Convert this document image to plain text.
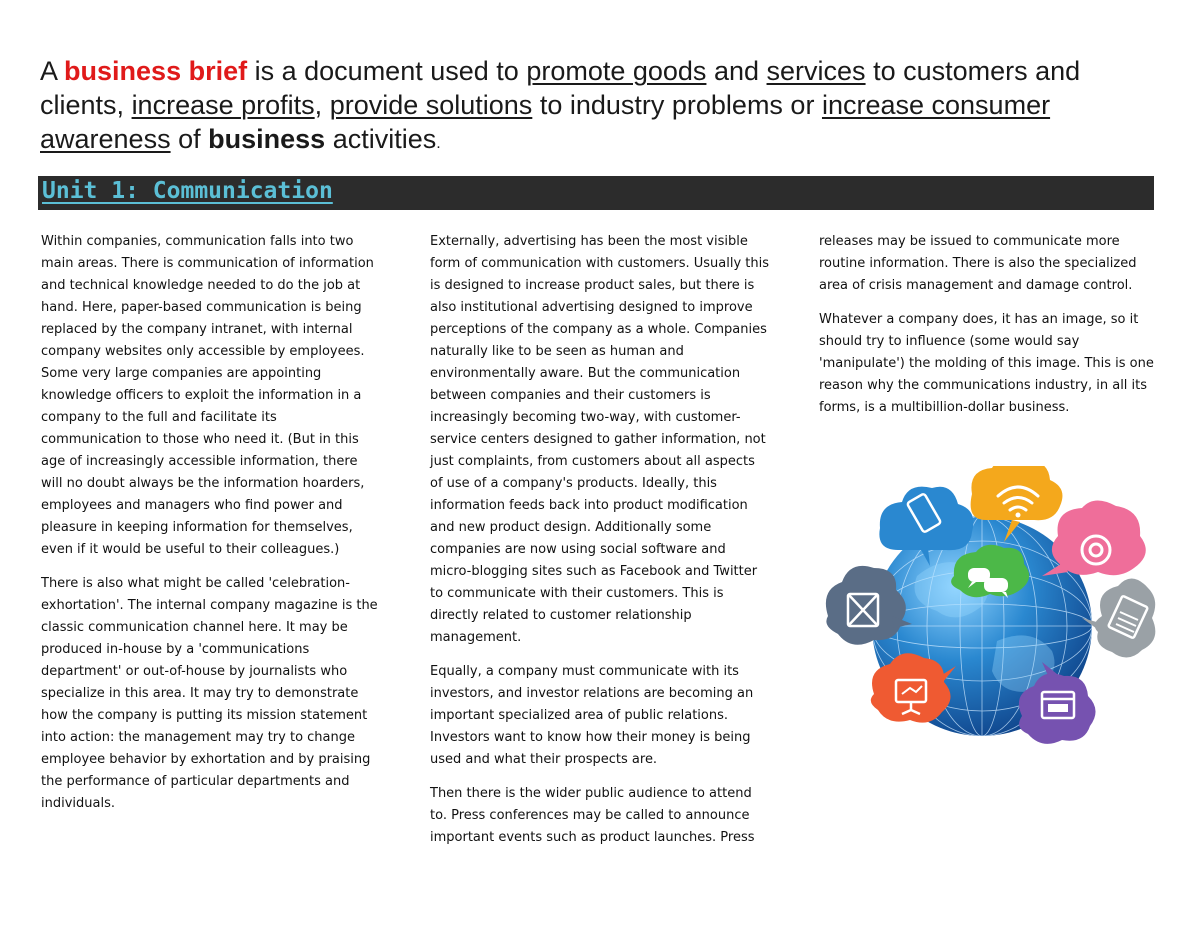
A business brief is a document used to promote goods and services to customers and clients, increase profits, provide solutions to industry problems or increase consumer awareness of business activities.
Unit 1: Communication

Within companies, communication falls into two main areas. There is communication of information and technical knowledge needed to do the job at hand. Here, paper-based communication is being replaced by the company intranet, with internal company websites only accessible by employees. Some very large companies are appointing knowledge officers to exploit the information in a company to the full and facilitate its communication to those who need it. (But in this age of increasingly accessible information, there will no doubt always be the information hoarders, employees and managers who find power and pleasure in keeping information for themselves, even if it would be useful to their colleagues.)

There is also what might be called 'celebration-exhortation'. The internal company magazine is the classic communication channel here. It may be produced in-house by a 'communications department' or out-of-house by journalists who specialize in this area. It may try to demonstrate how the company is putting its mission statement into action: the management may try to change employee behavior by exhortation and by praising the performance of particular departments and individuals.

Externally, advertising has been the most visible form of communication with customers. Usually this is designed to increase product sales, but there is also institutional advertising designed to improve perceptions of the company as a whole. Companies naturally like to be seen as human and environmentally aware. But the communication between companies and their customers is increasingly becoming two-way, with customer-service centers designed to gather information, not just complaints, from customers about all aspects of use of a company's products. Ideally, this information feeds back into product modification and new product design. Additionally some companies are now using social software and micro-blogging sites such as Facebook and Twitter to communicate with their customers. This is directly related to customer relationship management.

Equally, a company must communicate with its investors, and investor relations are becoming an important specialized area of public relations. Investors want to know how their money is being used and what their prospects are.

Then there is the wider public audience to attend to. Press conferences may be called to announce important events such as product launches. Press

releases may be issued to communicate more routine information. There is also the specialized area of crisis management and damage control.

Whatever a company does, it has an image, so it should try to influence (some would say 'manipulate') the molding of this image. This is one reason why the communications industry, in all its forms, is a multibillion-dollar business.
